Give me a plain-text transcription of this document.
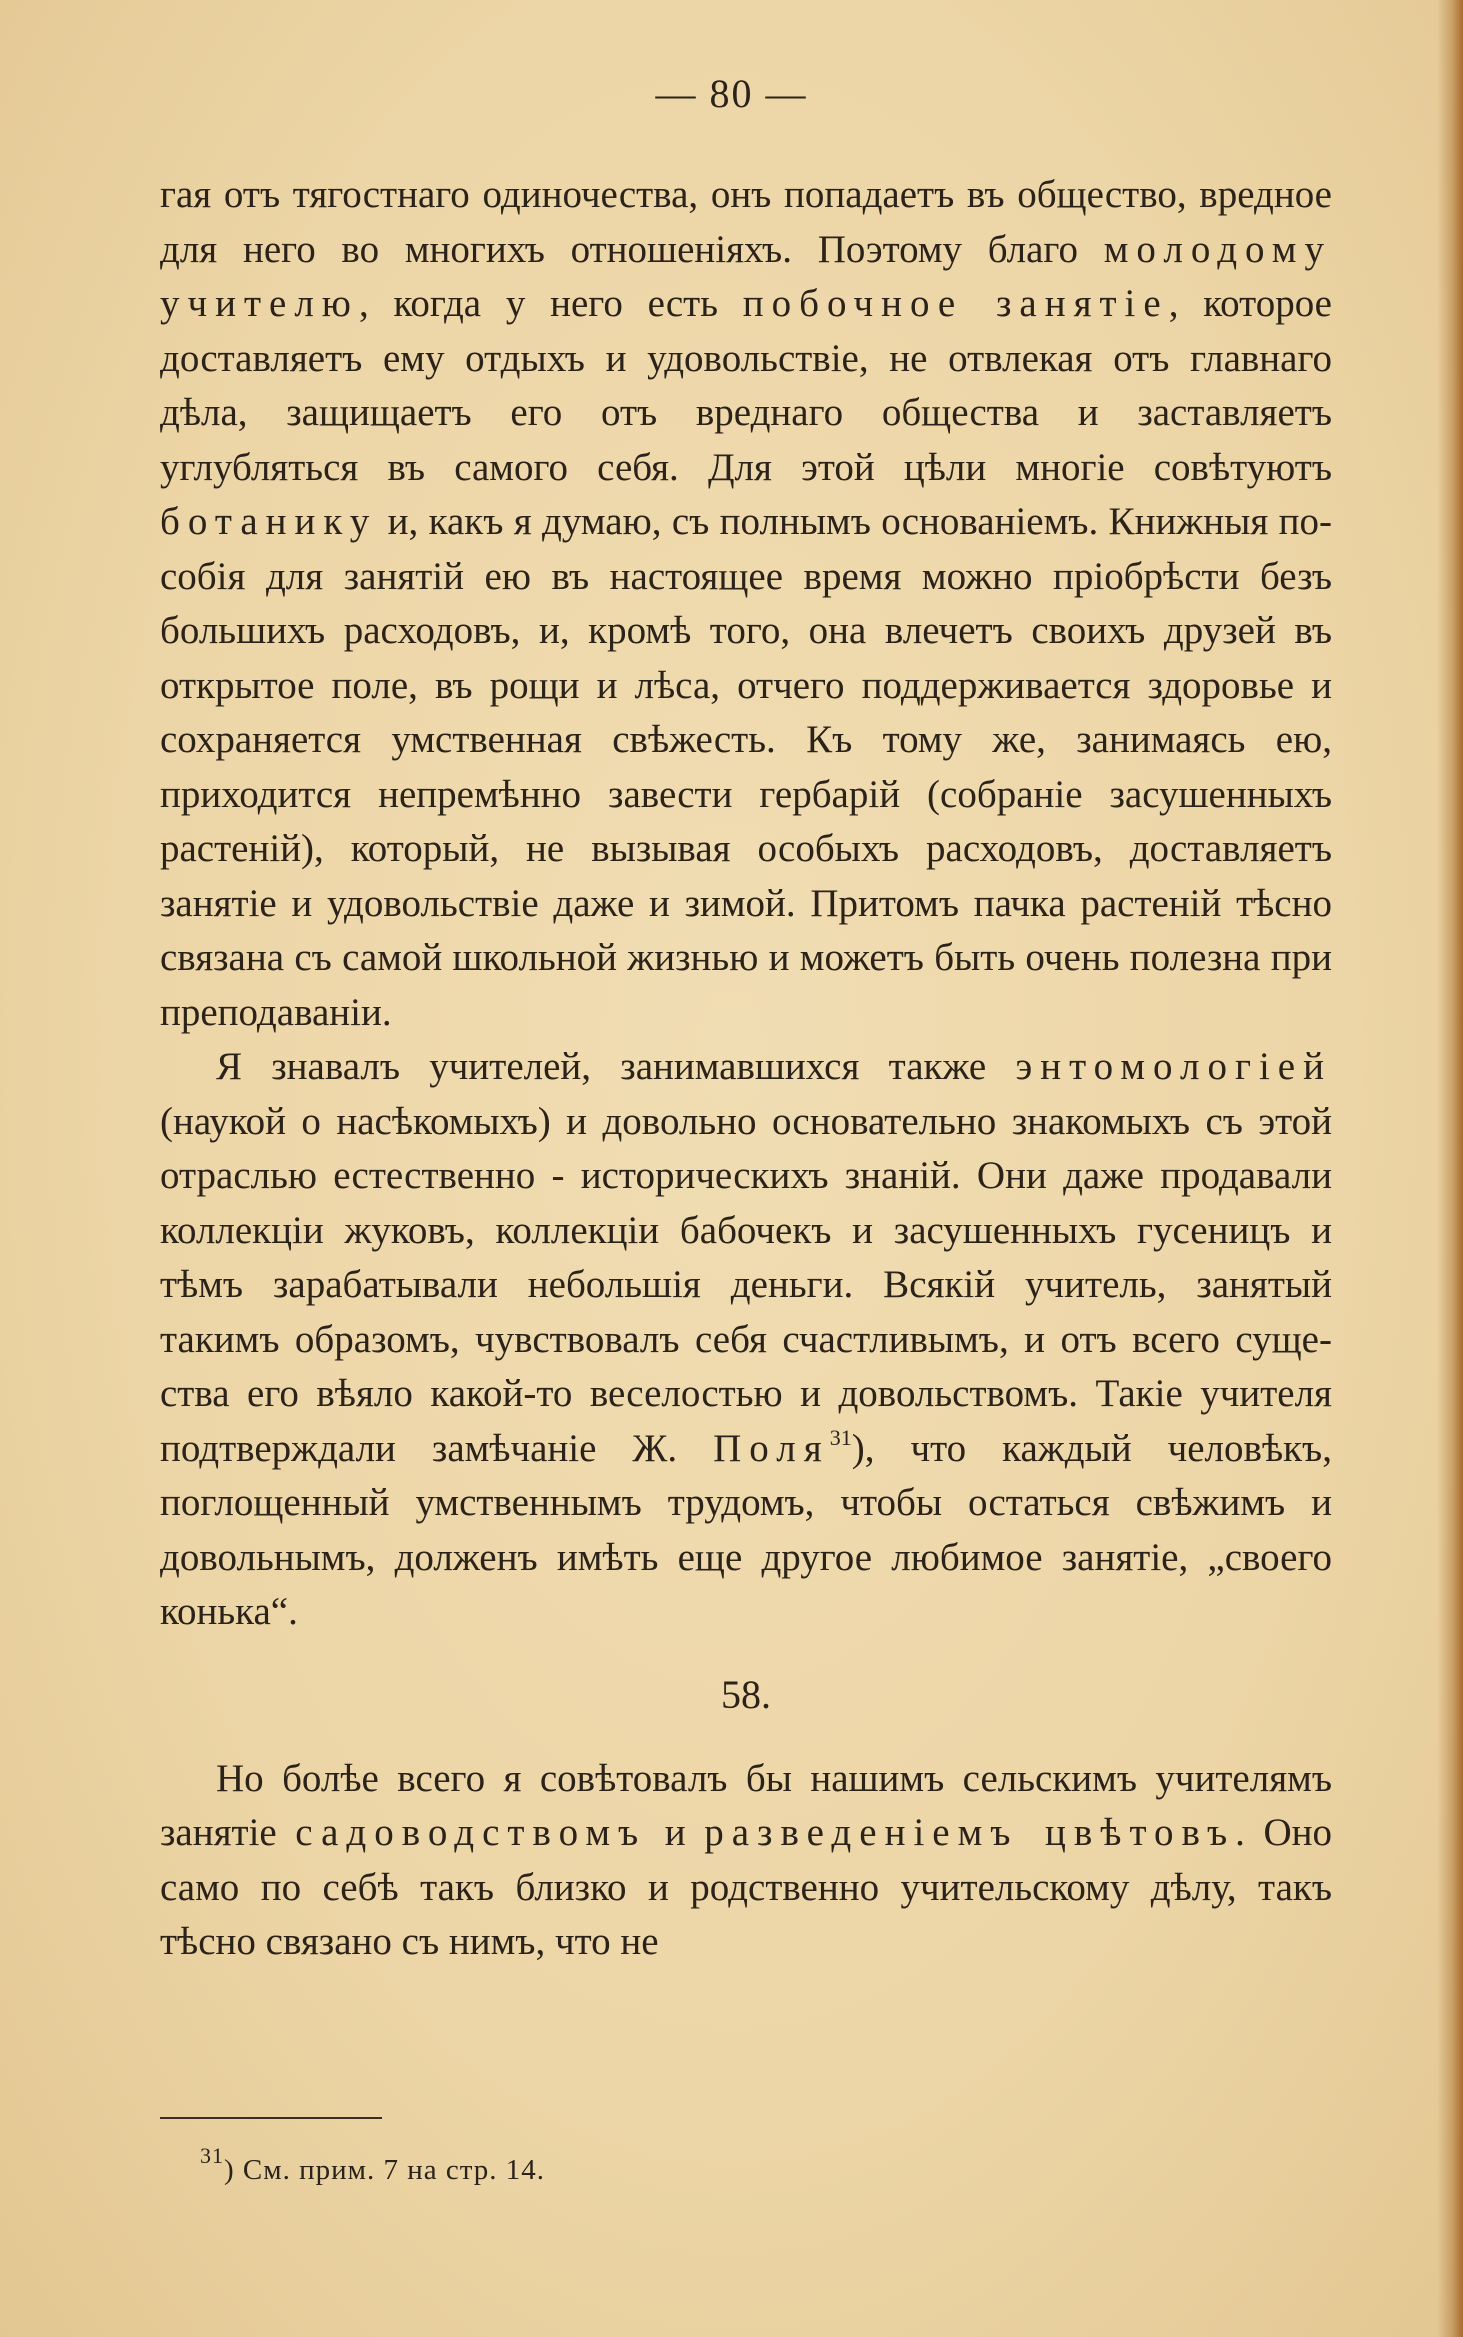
— 80 —

гая отъ тягостнаго одиночества, онъ попадаетъ въ общество, вредное для него во многихъ отношеніяхъ. Поэтому благо молодому учителю, когда у него есть побочное занятіе, которое доставляетъ ему отдыхъ и удовольствіе, не отвлекая отъ главнаго дѣла, защищаетъ его отъ вреднаго общества и заставляетъ углубляться въ самого себя. Для этой цѣли многіе совѣтуютъ ботанику и, какъ я думаю, съ полнымъ основаніемъ. Книжныя пособія для занятій ею въ настоящее время можно пріобрѣсти безъ большихъ расходовъ, и, кромѣ того, она влечетъ своихъ друзей въ открытое поле, въ рощи и лѣса, отчего поддерживается здоровье и сохраняется умственная свѣжесть. Къ тому же, занимаясь ею, приходится непремѣнно завести гербарій (собраніе засушенныхъ растеній), который, не вызывая особыхъ расходовъ, доставляетъ занятіе и удовольствіе даже и зимой. Притомъ пачка растеній тѣсно связана съ самой школьной жизнью и можетъ быть очень полезна при преподаваніи.

Я знавалъ учителей, занимавшихся также энтомологіей (наукой о насѣкомыхъ) и довольно основательно знакомыхъ съ этой отраслью естественно - историческихъ знаній. Они даже продавали коллекціи жуковъ, коллекціи бабочекъ и засушенныхъ гусеницъ и тѣмъ зарабатывали небольшія деньги. Всякій учитель, занятый такимъ образомъ, чувствовалъ себя счастливымъ, и отъ всего существа его вѣяло какой-то веселостью и довольствомъ. Такіе учителя подтверждали замѣчаніе Ж. Поля$^{31}$), что каждый человѣкъ, поглощенный умственнымъ трудомъ, чтобы остаться свѣжимъ и довольнымъ, долженъ имѣть еще другое любимое занятіе, „своего конька“.

58.

Но болѣе всего я совѣтовалъ бы нашимъ сельскимъ учителямъ занятіе садоводствомъ и разведеніемъ цвѣтовъ. Оно само по себѣ такъ близко и родственно учительскому дѣлу, такъ тѣсно связано съ нимъ, что не

$^{31}$) См. прим. 7 на стр. 14.
